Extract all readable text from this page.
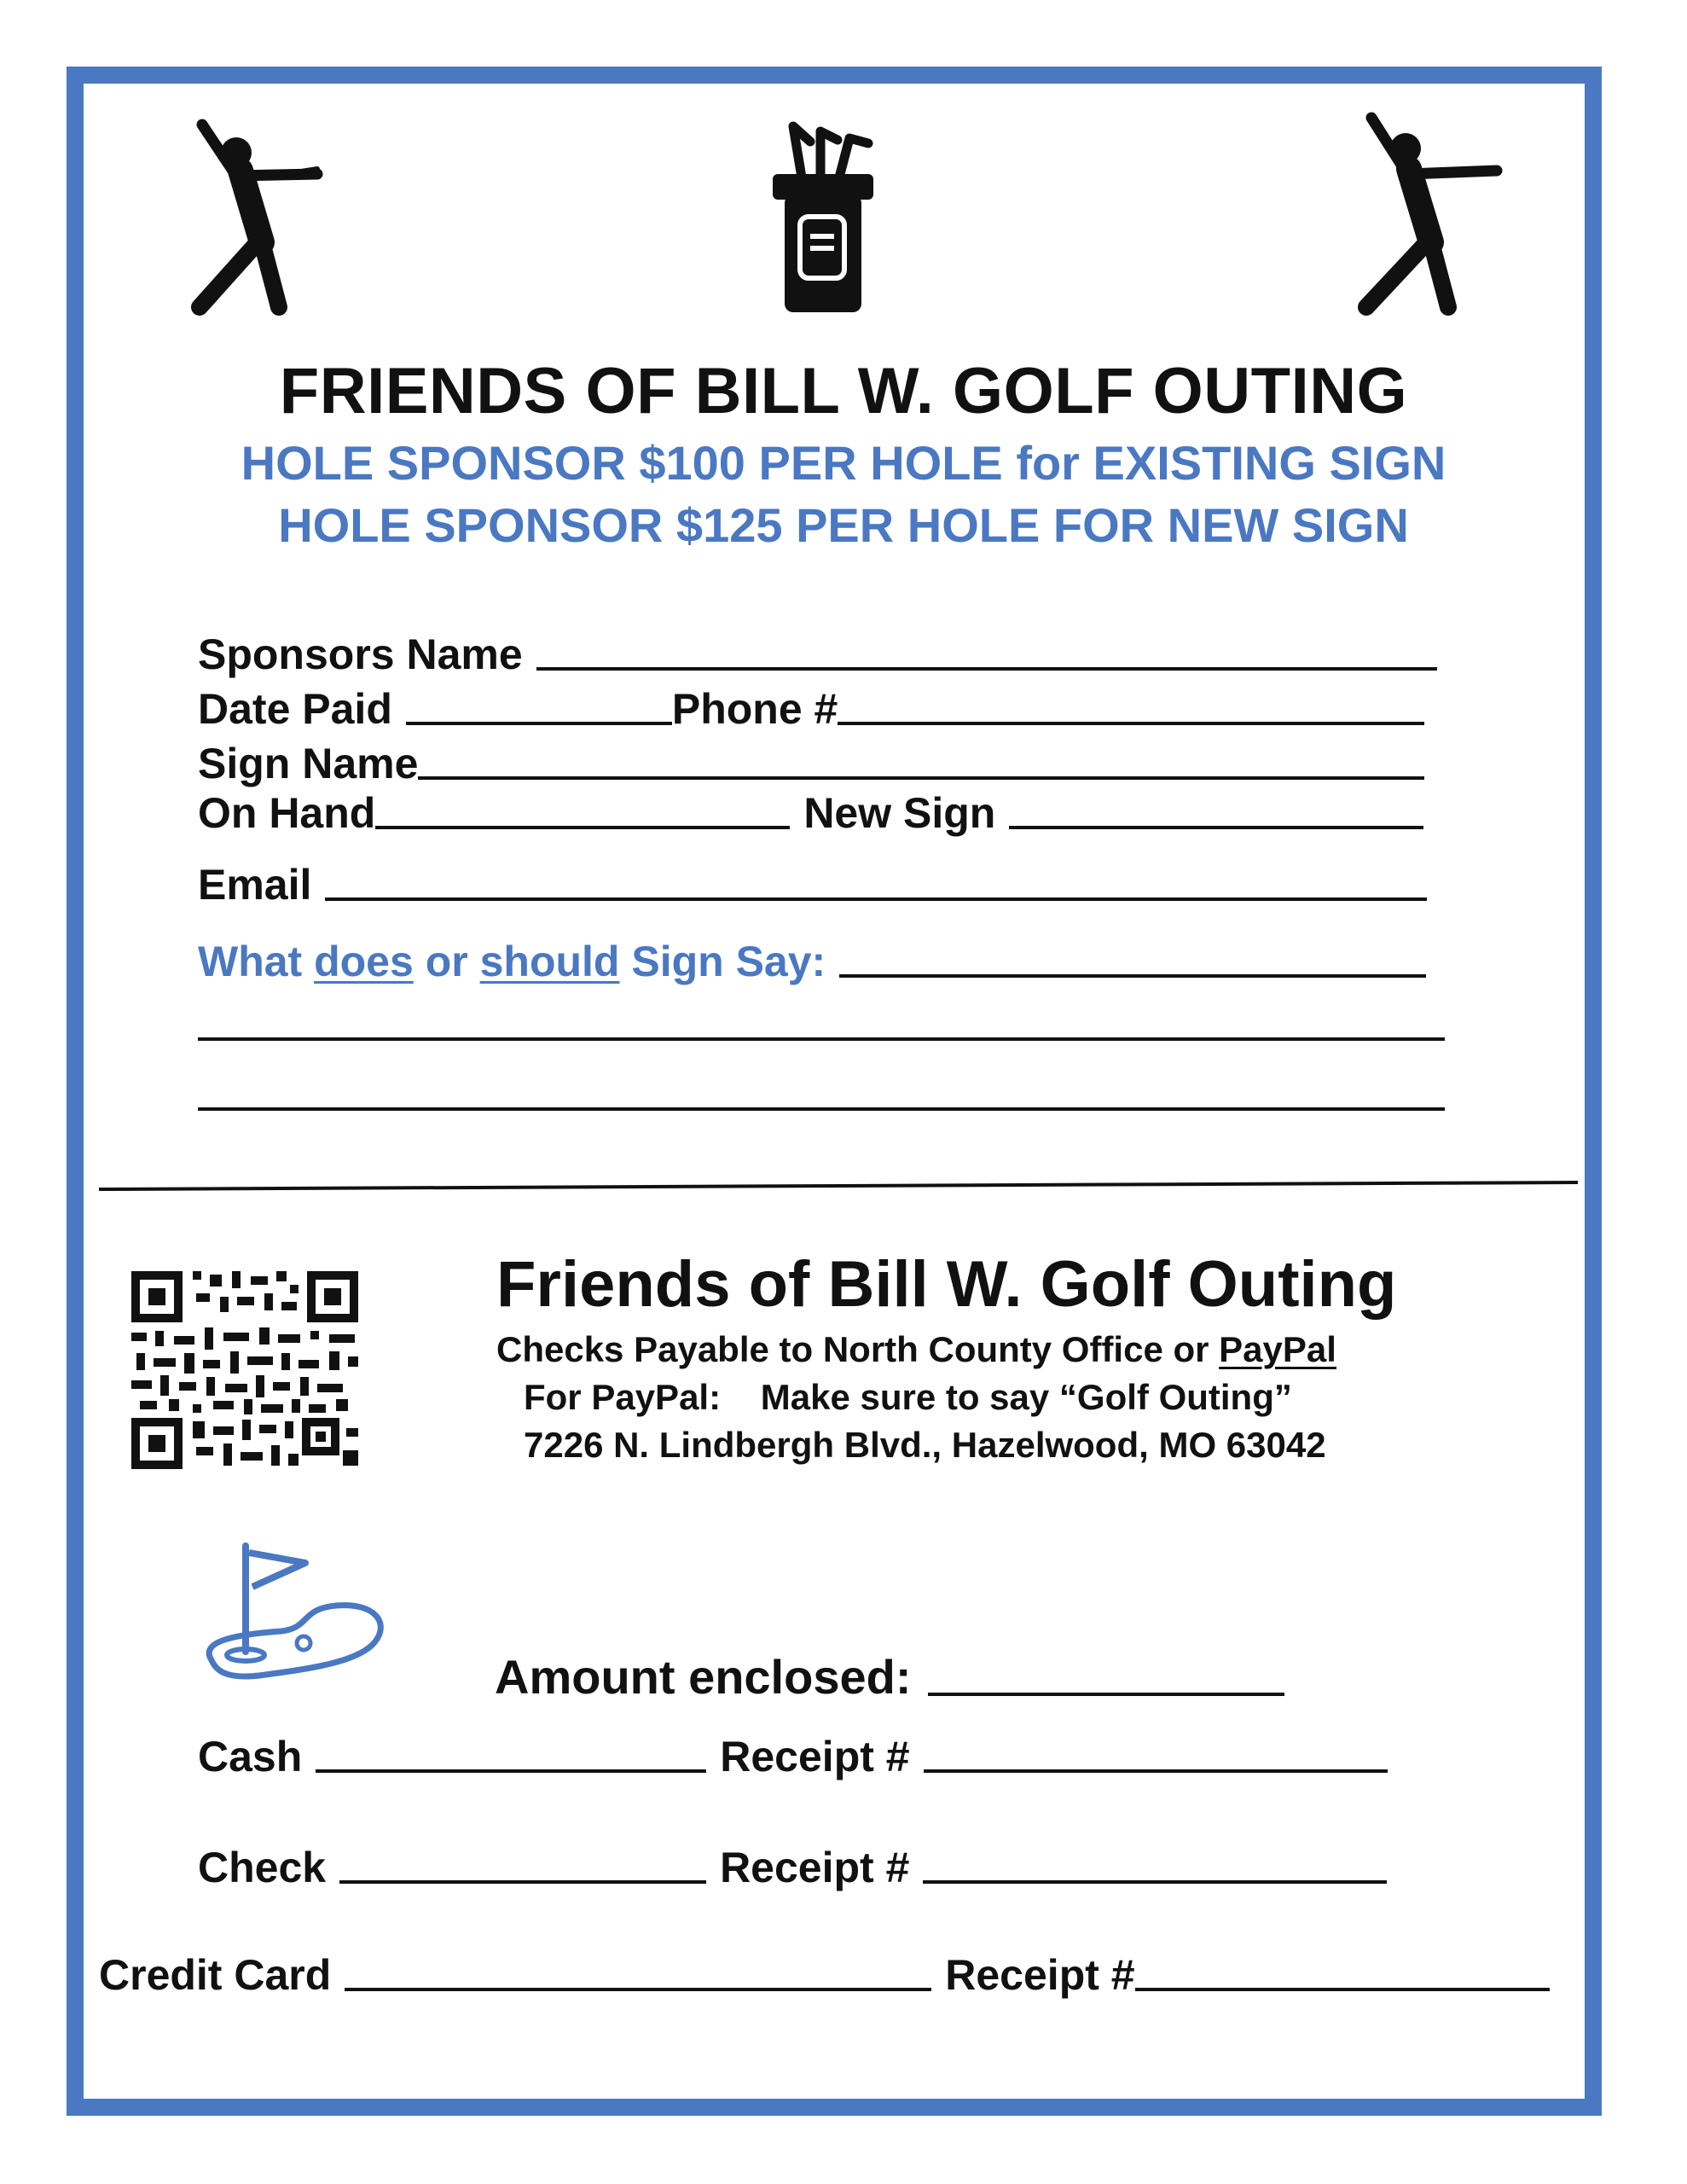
FRIENDS OF BILL W. GOLF OUTING
HOLE SPONSOR $100 PER HOLE for EXISTING SIGN
HOLE SPONSOR $125 PER HOLE FOR NEW SIGN
Sponsors Name
Date Paid	Phone #
Sign Name
On Hand	New Sign
Email
What does or should Sign Say:
Friends of Bill W. Golf Outing
Checks Payable to North County Office or PayPal
For PayPal:    Make sure to say “Golf Outing”
7226 N. Lindbergh Blvd., Hazelwood, MO 63042
Amount enclosed:
Cash	Receipt #
Check	Receipt #
Credit Card	Receipt #
